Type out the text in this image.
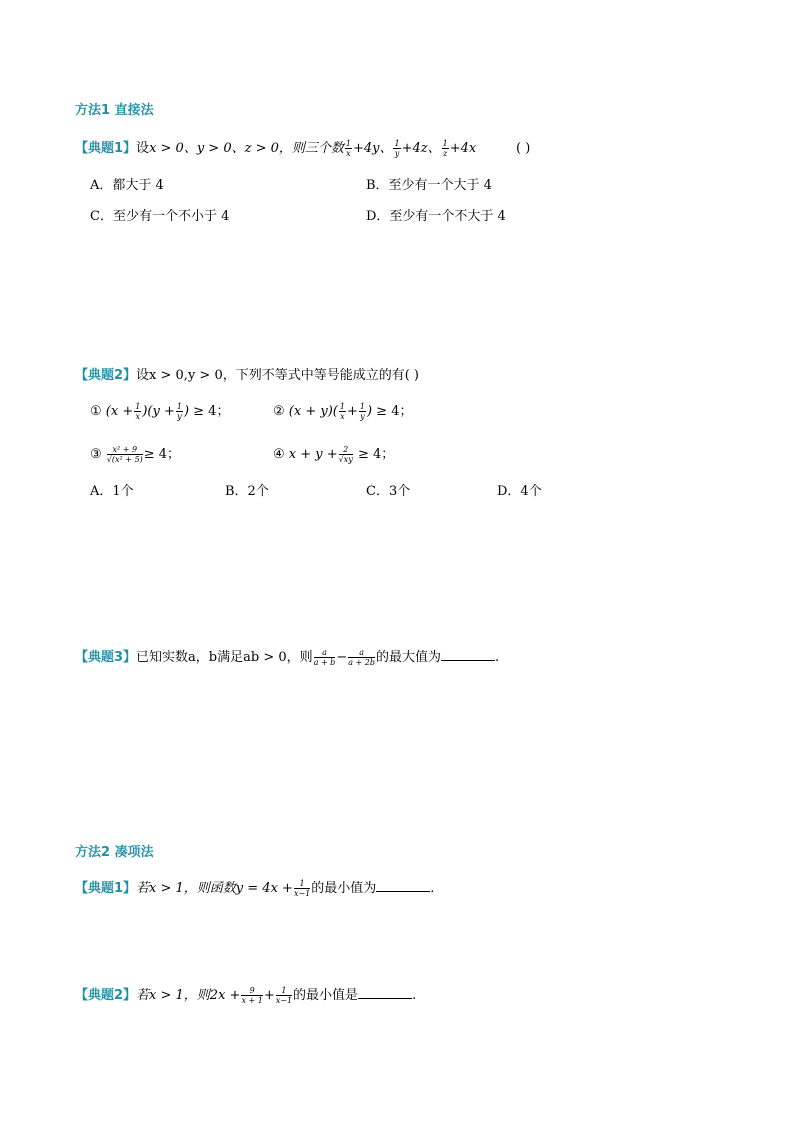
方法1 直接法
【典题1】设x > 0、y > 0、z > 0，则三个数 $\frac{1}{x} +4y$、 $\frac{1}{y} +4z$、 $\frac{1}{z} +4x$	( )
A．都大于 4	B．至少有一个大于 4
C．至少有一个不小于 4	D．至少有一个不大于 4
【典题2】设x > 0,y > 0，下列不等式中等号能成立的有( )
① $(x + \frac{1}{x} )(y + \frac{1}{y}$ ) ≥ 4；	② $(x + y)( \frac{1}{x} + \frac{1}{y}$ ) ≥ 4；
③ $\frac{\text{x² + 9}}{\text{√(x² + 5)}} \ge 4$；	④ $x + y + \frac{2}{√xy} \ge 4$；
A．1个	B．2个	C．3个	D．4个
【典题3】已知实数a，b满足ab > 0，则 $\frac{a}{a + b} - \frac{a}{a + 2b}$ 的最大值为	.
方法2 凑项法
【典题1】若x > 1，则函数$y = 4x + \frac{1}{x-1}$ 的最小值为	.
【典题2】若x > 1，则$2x + \frac{9}{x + 1} + \frac{1}{x-1}$ 的最小值是	.
